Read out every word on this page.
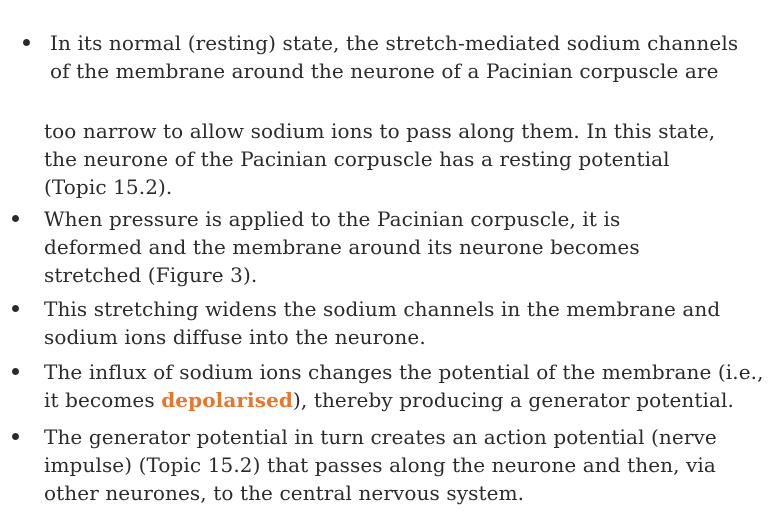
In its normal (resting) state, the stretch-mediated sodium channels
of the membrane around the neurone of a Pacinian corpuscle are
too narrow to allow sodium ions to pass along them. In this state,
the neurone of the Pacinian corpuscle has a resting potential
(Topic 15.2).
When pressure is applied to the Pacinian corpuscle, it is
deformed and the membrane around its neurone becomes
stretched (Figure 3).
This stretching widens the sodium channels in the membrane and
sodium ions diffuse into the neurone.
The influx of sodium ions changes the potential of the membrane (i.e.,
it becomes depolarised), thereby producing a generator potential.
The generator potential in turn creates an action potential (nerve
impulse) (Topic 15.2) that passes along the neurone and then, via
other neurones, to the central nervous system.
